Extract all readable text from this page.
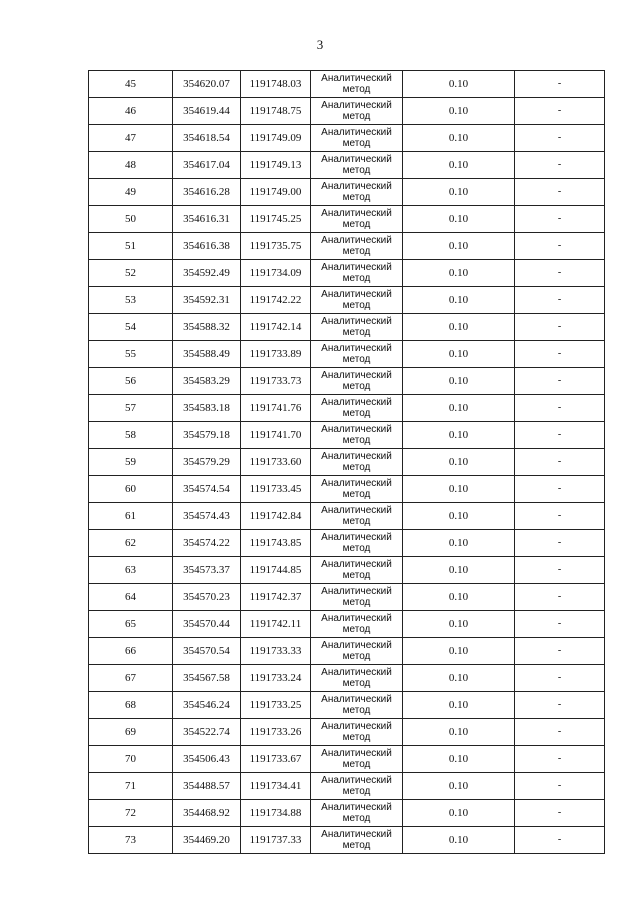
3
45	354620.07	1191748.03	Аналитический метод	0.10	-
46	354619.44	1191748.75	Аналитический метод	0.10	-
47	354618.54	1191749.09	Аналитический метод	0.10	-
48	354617.04	1191749.13	Аналитический метод	0.10	-
49	354616.28	1191749.00	Аналитический метод	0.10	-
50	354616.31	1191745.25	Аналитический метод	0.10	-
51	354616.38	1191735.75	Аналитический метод	0.10	-
52	354592.49	1191734.09	Аналитический метод	0.10	-
53	354592.31	1191742.22	Аналитический метод	0.10	-
54	354588.32	1191742.14	Аналитический метод	0.10	-
55	354588.49	1191733.89	Аналитический метод	0.10	-
56	354583.29	1191733.73	Аналитический метод	0.10	-
57	354583.18	1191741.76	Аналитический метод	0.10	-
58	354579.18	1191741.70	Аналитический метод	0.10	-
59	354579.29	1191733.60	Аналитический метод	0.10	-
60	354574.54	1191733.45	Аналитический метод	0.10	-
61	354574.43	1191742.84	Аналитический метод	0.10	-
62	354574.22	1191743.85	Аналитический метод	0.10	-
63	354573.37	1191744.85	Аналитический метод	0.10	-
64	354570.23	1191742.37	Аналитический метод	0.10	-
65	354570.44	1191742.11	Аналитический метод	0.10	-
66	354570.54	1191733.33	Аналитический метод	0.10	-
67	354567.58	1191733.24	Аналитический метод	0.10	-
68	354546.24	1191733.25	Аналитический метод	0.10	-
69	354522.74	1191733.26	Аналитический метод	0.10	-
70	354506.43	1191733.67	Аналитический метод	0.10	-
71	354488.57	1191734.41	Аналитический метод	0.10	-
72	354468.92	1191734.88	Аналитический метод	0.10	-
73	354469.20	1191737.33	Аналитический метод	0.10	-
